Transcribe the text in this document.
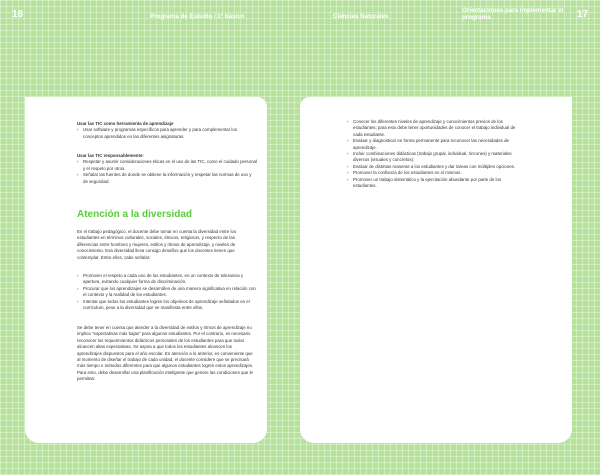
16	Programa de Estudio / 1º básico	Ciencias Naturales
Orientaciones para implementar el programa	17

Usar las TIC como herramienta de aprendizaje

› Usar software y programas específicos para aprender y para complementar los conceptos aprendidos en las diferentes asignaturas.

Usar las TIC responsablemente:

› Respetar y asumir consideraciones éticas en el uso de las TIC, como el cuidado personal y el respeto por otros.
› Señalar las fuentes de donde se obtiene la información y respetar las normas de uso y de seguridad.
Atención a la diversidad

En el trabajo pedagógico, el docente debe tomar en cuenta la diversidad entre los estudiantes en términos culturales, sociales, étnicos, religiosos, y respecto de las diferencias entre hombres y mujeres, estilos y ritmos de aprendizaje, y niveles de conocimiento. Esa diversidad lleva consigo desafíos que los docentes tienen que contemplar. Entre ellos, cabe señalar:

› Promover el respeto a cada uno de los estudiantes, en un contexto de tolerancia y apertura, evitando cualquier forma de discriminación.
› Procurar que los aprendizajes se desarrollen de una manera significativa en relación con el contexto y la realidad de los estudiantes.
› Intentar que todos los estudiantes logren los objetivos de aprendizaje señalados en el currículum, pese a la diversidad que se manifiesta entre ellos.

Se debe tener en cuenta que atender a la diversidad de estilos y ritmos de aprendizaje no implica "expectativas más bajas" para algunos estudiantes. Por el contrario, es necesario reconocer los requerimientos didácticos personales de los estudiantes para que todos alcancen altas expectativas. Se aspira a que todos los estudiantes alcancen los aprendizajes dispuestos para el año escolar. En atención a lo anterior, es conveniente que al momento de diseñar el trabajo de cada unidad, el docente considere que se precisará más tiempo o métodos diferentes para que algunos estudiantes logren estos aprendizajes. Para esto, debe desarrollar una planificación inteligente que genere las condiciones que le permitan:

› Conocer los diferentes niveles de aprendizaje y conocimientos previos de los estudiantes; para esto debe tener oportunidades de conocer el trabajo individual de cada estudiante.
› Evaluar y diagnosticar en forma permanente para reconocer las necesidades de aprendizaje.
› Incluir combinaciones didácticas (trabajo grupal, individual, rincones) y materiales diversos (visuales y concretos).
› Evaluar de distintas maneras a los estudiantes y dar tareas con múltiples opciones.
› Promover la confianza de los estudiantes en sí mismos.
› Promover un trabajo sistemático y la ejercitación abundante por parte de los estudiantes.
